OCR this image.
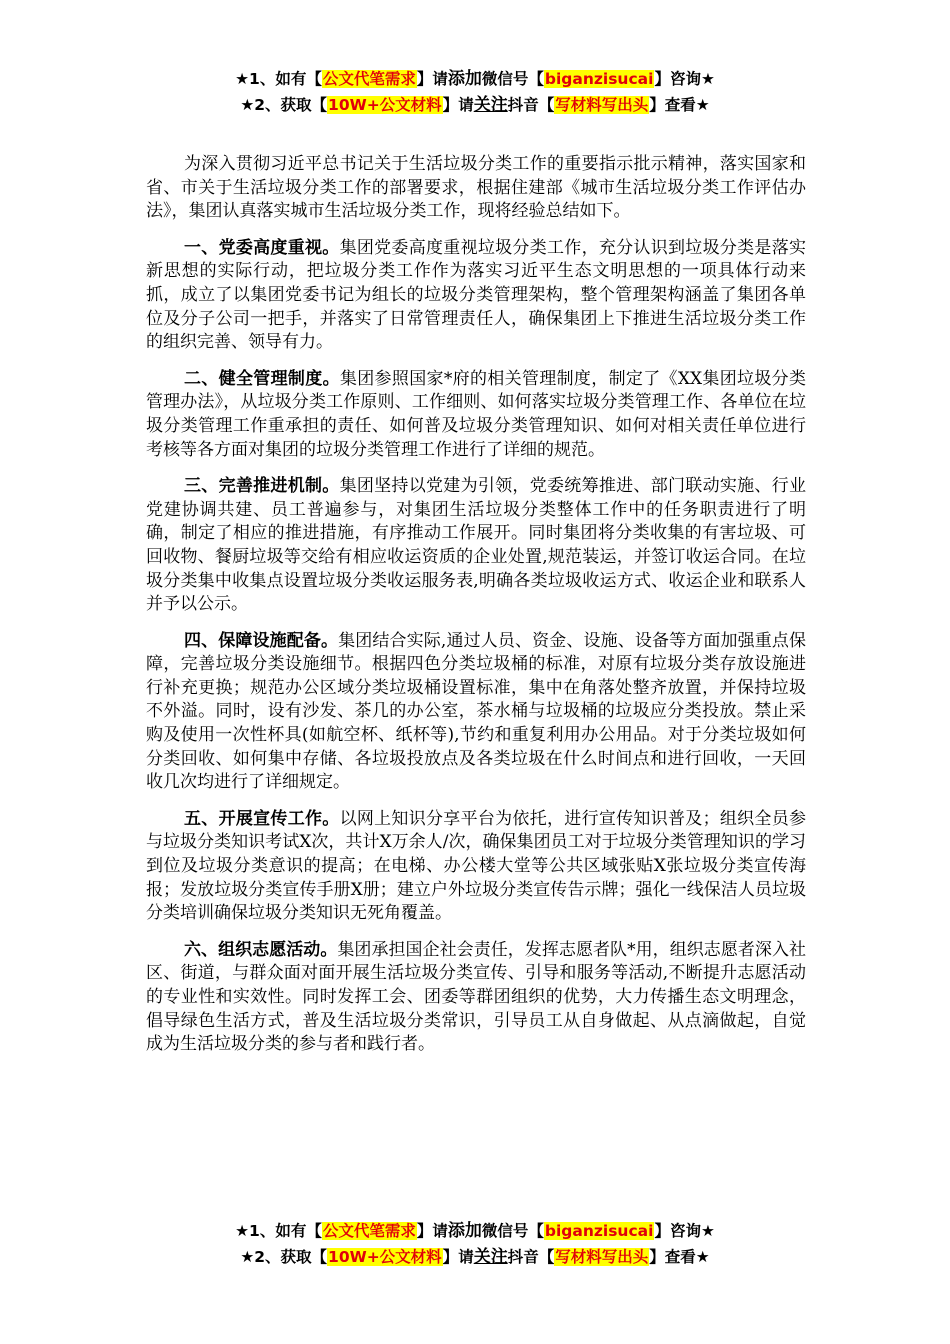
★1、如有【公文代笔需求】请添加微信号【biganzisucai】咨询★
★2、获取【10W+公文材料】请关注抖音【写材料写出头】查看★

为深入贯彻习近平总书记关于生活垃圾分类工作的重要指示批示精神，落实国家和省、市关于生活垃圾分类工作的部署要求，根据住建部《城市生活垃圾分类工作评估办法》，集团认真落实城市生活垃圾分类工作，现将经验总结如下。

一、党委高度重视。集团党委高度重视垃圾分类工作，充分认识到垃圾分类是落实新思想的实际行动，把垃圾分类工作作为落实习近平生态文明思想的一项具体行动来抓，成立了以集团党委书记为组长的垃圾分类管理架构，整个管理架构涵盖了集团各单位及分子公司一把手，并落实了日常管理责任人，确保集团上下推进生活垃圾分类工作的组织完善、领导有力。

二、健全管理制度。集团参照国家*府的相关管理制度，制定了《XX集团垃圾分类管理办法》，从垃圾分类工作原则、工作细则、如何落实垃圾分类管理工作、各单位在垃圾分类管理工作重承担的责任、如何普及垃圾分类管理知识、如何对相关责任单位进行考核等各方面对集团的垃圾分类管理工作进行了详细的规范。

三、完善推进机制。集团坚持以党建为引领，党委统筹推进、部门联动实施、行业党建协调共建、员工普遍参与，对集团生活垃圾分类整体工作中的任务职责进行了明确，制定了相应的推进措施，有序推动工作展开。同时集团将分类收集的有害垃圾、可回收物、餐厨垃圾等交给有相应收运资质的企业处置,规范装运，并签订收运合同。在垃圾分类集中收集点设置垃圾分类收运服务表,明确各类垃圾收运方式、收运企业和联系人并予以公示。

四、保障设施配备。集团结合实际,通过人员、资金、设施、设备等方面加强重点保障，完善垃圾分类设施细节。根据四色分类垃圾桶的标准，对原有垃圾分类存放设施进行补充更换；规范办公区域分类垃圾桶设置标准，集中在角落处整齐放置，并保持垃圾不外溢。同时，设有沙发、茶几的办公室，茶水桶与垃圾桶的垃圾应分类投放。禁止采购及使用一次性杯具(如航空杯、纸杯等),节约和重复利用办公用品。对于分类垃圾如何分类回收、如何集中存储、各垃圾投放点及各类垃圾在什么时间点和进行回收，一天回收几次均进行了详细规定。

五、开展宣传工作。以网上知识分享平台为依托，进行宣传知识普及；组织全员参与垃圾分类知识考试X次，共计X万余人/次，确保集团员工对于垃圾分类管理知识的学习到位及垃圾分类意识的提高；在电梯、办公楼大堂等公共区域张贴X张垃圾分类宣传海报；发放垃圾分类宣传手册X册；建立户外垃圾分类宣传告示牌；强化一线保洁人员垃圾分类培训确保垃圾分类知识无死角覆盖。

六、组织志愿活动。集团承担国企社会责任，发挥志愿者队*用，组织志愿者深入社区、街道，与群众面对面开展生活垃圾分类宣传、引导和服务等活动,不断提升志愿活动的专业性和实效性。同时发挥工会、团委等群团组织的优势，大力传播生态文明理念，倡导绿色生活方式，普及生活垃圾分类常识，引导员工从自身做起、从点滴做起，自觉成为生活垃圾分类的参与者和践行者。

★1、如有【公文代笔需求】请添加微信号【biganzisucai】咨询★
★2、获取【10W+公文材料】请关注抖音【写材料写出头】查看★
